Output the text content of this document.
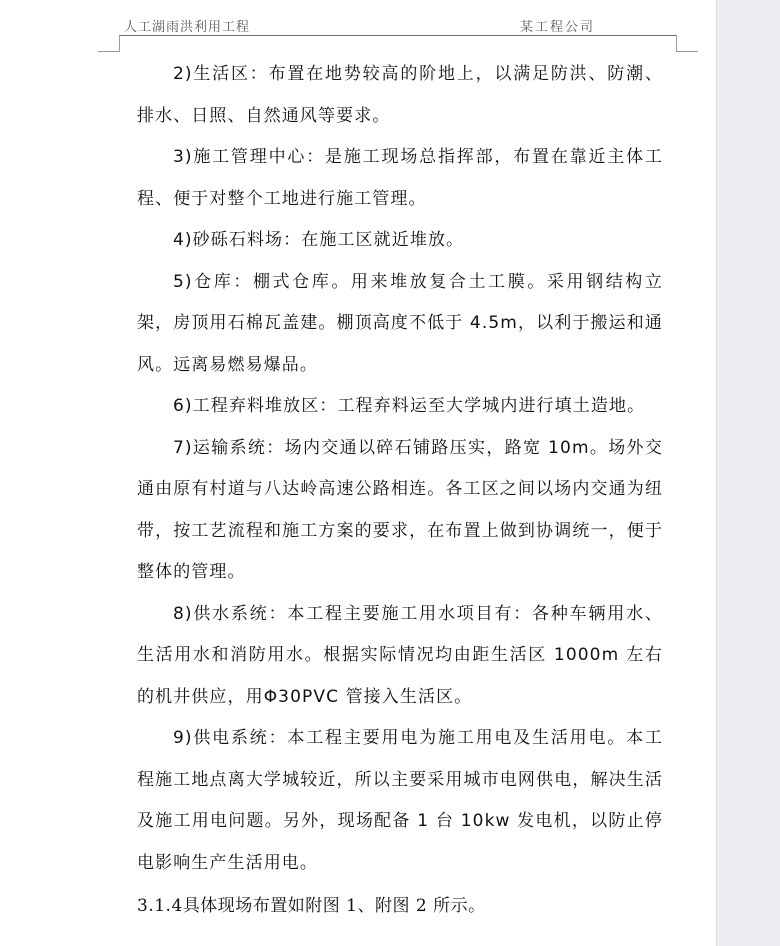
人工湖雨洪利用工程	某工程公司

2)生活区：布置在地势较高的阶地上，以满足防洪、防潮、排水、日照、自然通风等要求。

3)施工管理中心：是施工现场总指挥部，布置在靠近主体工程、便于对整个工地进行施工管理。

4)砂砾石料场：在施工区就近堆放。

5)仓库：棚式仓库。用来堆放复合土工膜。采用钢结构立架，房顶用石棉瓦盖建。棚顶高度不低于 4.5m，以利于搬运和通风。远离易燃易爆品。

6)工程弃料堆放区：工程弃料运至大学城内进行填土造地。

7)运输系统：场内交通以碎石铺路压实，路宽 10m。场外交通由原有村道与八达岭高速公路相连。各工区之间以场内交通为纽带，按工艺流程和施工方案的要求，在布置上做到协调统一，便于整体的管理。

8)供水系统：本工程主要施工用水项目有：各种车辆用水、生活用水和消防用水。根据实际情况均由距生活区 1000m 左右的机井供应，用Φ30PVC 管接入生活区。

9)供电系统：本工程主要用电为施工用电及生活用电。本工程施工地点离大学城较近，所以主要采用城市电网供电，解决生活及施工用电问题。另外，现场配备 1 台 10kw 发电机，以防止停电影响生产生活用电。

3.1.4具体现场布置如附图 1、附图 2 所示。
